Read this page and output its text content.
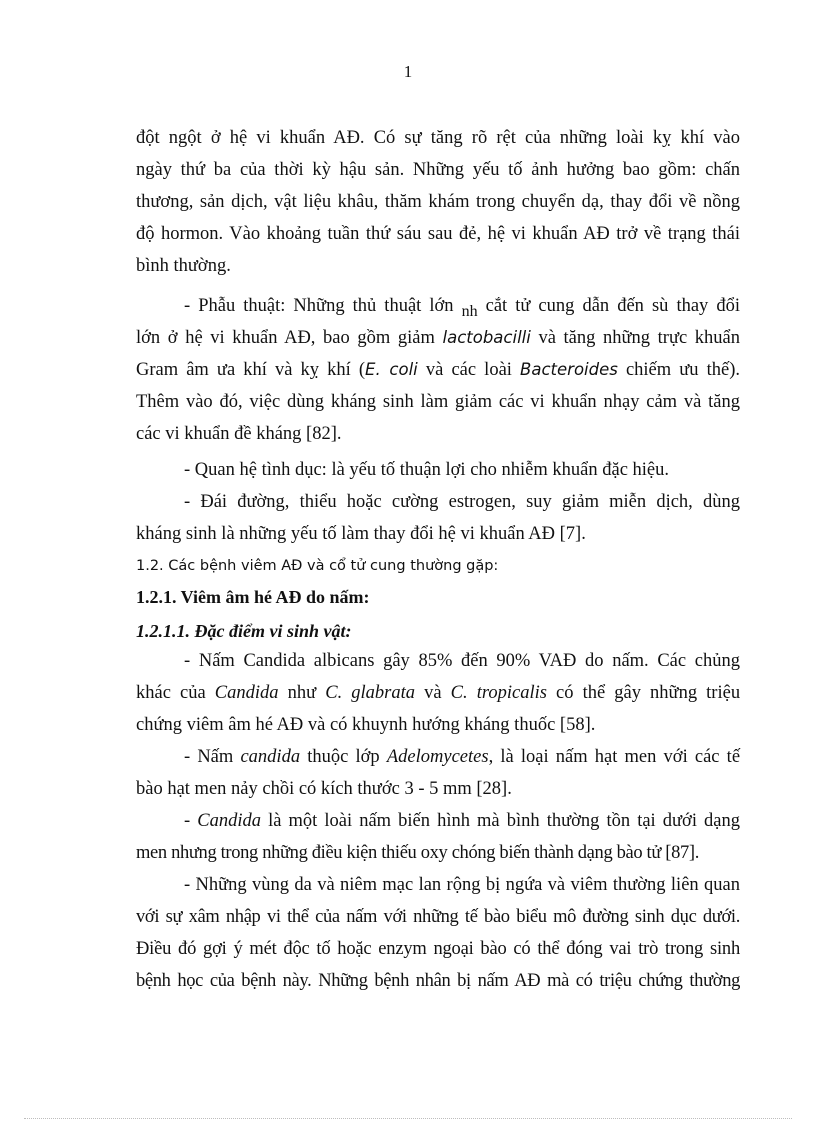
1
đột ngột ở hệ vi khuẩn AĐ. Có sự tăng rõ rệt của những loài kỵ khí vào
ngày thứ ba của thời kỳ hậu sản. Những yếu tố ảnh hưởng bao gồm: chấn
thương, sản dịch, vật liệu khâu, thăm khám trong chuyển dạ, thay đổi về nồng
độ hormon. Vào khoảng tuần thứ sáu sau đẻ, hệ vi khuẩn AĐ trở về trạng thái
bình thường.
- Phẫu thuật: Những thủ thuật lớn nh cắt tử cung dẫn đến sù thay đổi
lớn ở hệ vi khuẩn AĐ, bao gồm giảm lactobacilli và tăng những trực khuẩn
Gram âm ưa khí và kỵ khí (E. coli và các loài Bacteroides chiếm ưu thế).
Thêm vào đó, việc dùng kháng sinh làm giảm các vi khuẩn nhạy cảm và tăng
các vi khuẩn đề kháng [82].
- Quan hệ tình dục: là yếu tố thuận lợi cho nhiễm khuẩn đặc hiệu.
- Đái đường, thiểu hoặc cường estrogen, suy giảm miễn dịch, dùng
kháng sinh là những yếu tố làm thay đổi hệ vi khuẩn AĐ [7].
1.2. Các bệnh viêm AĐ và cổ tử cung thường gặp:
1.2.1. Viêm âm hé AĐ do nấm:
1.2.1.1. Đặc điểm vi sinh vật:
- Nấm Candida albicans gây 85% đến 90% VAĐ do nấm. Các chủng
khác của Candida như C. glabrata và C. tropicalis có thể gây những triệu
chứng viêm âm hé AĐ và có khuynh hướng kháng thuốc [58].
- Nấm candida thuộc lớp Adelomycetes, là loại nấm hạt men với các tế
bào hạt men nảy chồi có kích thước 3 - 5 mm [28].
- Candida là một loài nấm biến hình mà bình thường tồn tại dưới dạng
men nhưng trong những điều kiện thiếu oxy chóng biến thành dạng bào tử [87].
- Những vùng da và niêm mạc lan rộng bị ngứa và viêm thường liên quan
với sự xâm nhập vi thể của nấm với những tế bào biểu mô đường sinh dục dưới.
Điều đó gợi ý mét độc tố hoặc enzym ngoại bào có thể đóng vai trò trong sinh
bệnh học của bệnh này. Những bệnh nhân bị nấm AĐ mà có triệu chứng thường
